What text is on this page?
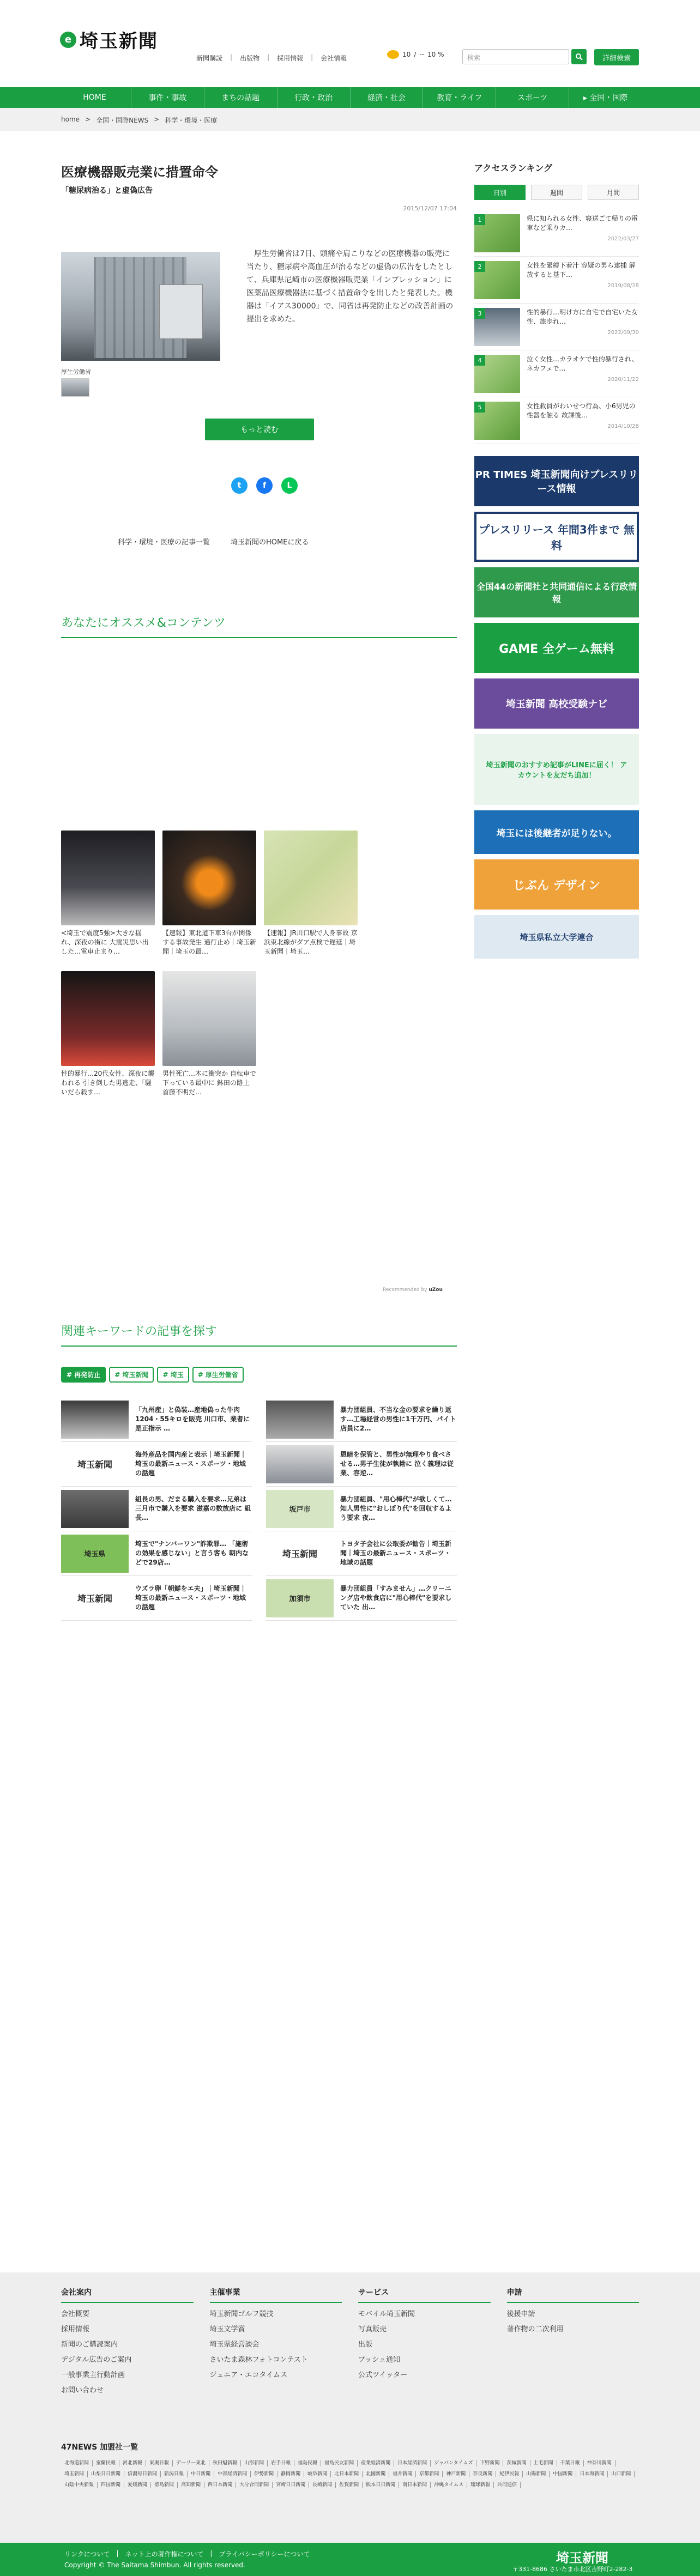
e 埼玉新聞
新聞購読 | 出版物 | 採用情報 | 会社情報	10 / -- 10 %	検索	詳細検索
HOME	事件・事故	まちの話題	行政・政治	経済・社会	教育・ライフ	スポーツ	▸ 全国・国際
home > 全国・国際NEWS > 科学・環境・医療
医療機器販売業に措置命令
「糖尿病治る」と虚偽広告
2015/12/07 17:04
厚生労働省

厚生労働省は7日、頭痛や肩こりなどの医療機器の販売に当たり、糖尿病や高血圧が治るなどの虚偽の広告をしたとして、兵庫県尼崎市の医療機器販売業「インプレッション」に医薬品医療機器法に基づく措置命令を出したと発表した。機器は「イアス30000」で、同省は再発防止などの改善計画の提出を求めた。

もっと読む
t	f	L
科学・環境・医療の記事一覧	埼玉新聞のHOMEに戻る
あなたにオススメ&コンテンツ
<埼玉で震度5強>大きな揺れ、深夜の街に 大震災思い出した…電車止まり…
【速報】東北道下車3台が関係する事故発生 通行止め｜埼玉新聞｜埼玉の最…
【速報】JR川口駅で人身事故 京浜東北線がダア点検で遅延｜埼玉新聞｜埼玉…
性的暴行…20代女性、深夜に襲われる 引き倒した男逃走、「騒いだら殺す…
男性死亡…木に衝突か 自転車で下っている最中に 鉢田の路上 首藤不明だ…
Recommended by uZou
関連キーワードの記事を探す
# 再発防止	# 埼玉新聞	# 埼玉	# 厚生労働省
「九州産」と偽装…産地偽った牛肉1204・55キロを販売 川口市、業者に是正指示 …
暴力団組員、不当な金の要求を繰り返す…工場経営の男性に1千万円、パイト店員に2…
埼玉新聞
海外産品を国内産と表示｜埼玉新聞｜埼玉の最新ニュース・スポーツ・地域の話題
恩暗を保管と、男性が無理やり食べさせる…男子生徒が執拗に 泣く義理は従業、容逆…
組長の男、だまる購入を要求…兄弟は三月市で購入を要求 滋嘉の数放店に 組長…
坂戸市
暴力団組員、"用心棒代"が欲しくて…知人男性に"おしぼり代"を回収するよう要求 夜…
埼玉県
埼玉で"ナンバーワン"詐欺罪… 「施術の効果を感じない」と言う客も 朝内などで29店…
埼玉新聞
トヨタ子会社に公取委が勧告｜埼玉新聞｜埼玉の最新ニュース・スポーツ・地域の話題
埼玉新聞
ウズラ卵「朝鮮をエ夫」｜埼玉新聞｜埼玉の最新ニュース・スポーツ・地域の話題
加須市
暴力団組員「すみません」…クリーニング店や飲食店に"用心棒代"を要求していた 出…
アクセスランキング
日別	週間	月間
1	県に知られる女性、寝送ごて帰りの電車など乗りカ…
2022/03/27
2	女性を緊縛下着汁 容疑の男ら逮捕 解放すると基下…
2019/08/28
3	性的暴行…明け方に自宅で自宅いた女性、旅歩れ…
2022/09/30
4	泣く女性…カラオケで性的暴行され、ネカフェで…
2020/11/22
5	女性救員がわいせつ行為、小6男児の性器を触る 故課後…
2014/10/28
PR TIMES 埼玉新聞向けプレスリリース情報
プレスリリース 年間3件まで 無料
全国44の新聞社と共同通信による行政情報
GAME 全ゲーム無料
埼玉新聞 高校受験ナビ
埼玉新聞のおすすめ記事がLINEに届く！ アカウントを友だち追加！
埼玉には後継者が足りない。
じぶん デザイン
埼玉県私立大学連合
会社案内
会社概要
採用情報
新聞のご購読案内
デジタル広告のご案内
一般事業主行動計画
お問い合わせ
主催事業
埼玉新聞ゴルフ競技
埼玉文学賞
埼玉県経営談会
さいたま森林フォトコンテスト
ジュニア・エコタイムス
サービス
モバイル埼玉新聞
写真販売
出版
プッシュ通知
公式ツイッター
申請
後援申請
著作物の二次利用
47NEWS 加盟社一覧
北海道新聞	室蘭民報	河北新報	東奥日報	デーリー東北	秋田魁新報	山形新聞	岩手日報	福島民報	福島民友新聞	産業経済新聞	日本経済新聞	ジャパンタイムズ	下野新聞	茨城新聞	上毛新聞	千葉日報	神奈川新聞
埼玉新聞	山梨日日新聞	信濃毎日新聞	新潟日報	中日新聞	中部経済新聞	伊勢新聞	静岡新聞	岐阜新聞	北日本新聞	北國新聞	福井新聞	京都新聞	神戸新聞	奈良新聞	紀伊民報	山陽新聞	中国新聞	日本海新聞	山口新聞
山陰中央新報	四国新聞	愛媛新聞	徳島新聞	高知新聞	西日本新聞	大分合同新聞	宮崎日日新聞	長崎新聞	佐賀新聞	熊本日日新聞	南日本新聞	沖縄タイムス	琉球新報	共同通信
リンクについて | ネット上の著作権について | プライバシーポリシーについて
Copyright © The Saitama Shimbun. All rights reserved.	埼玉新聞
〒331-8686 さいたま市北区吉野町2-282-3
